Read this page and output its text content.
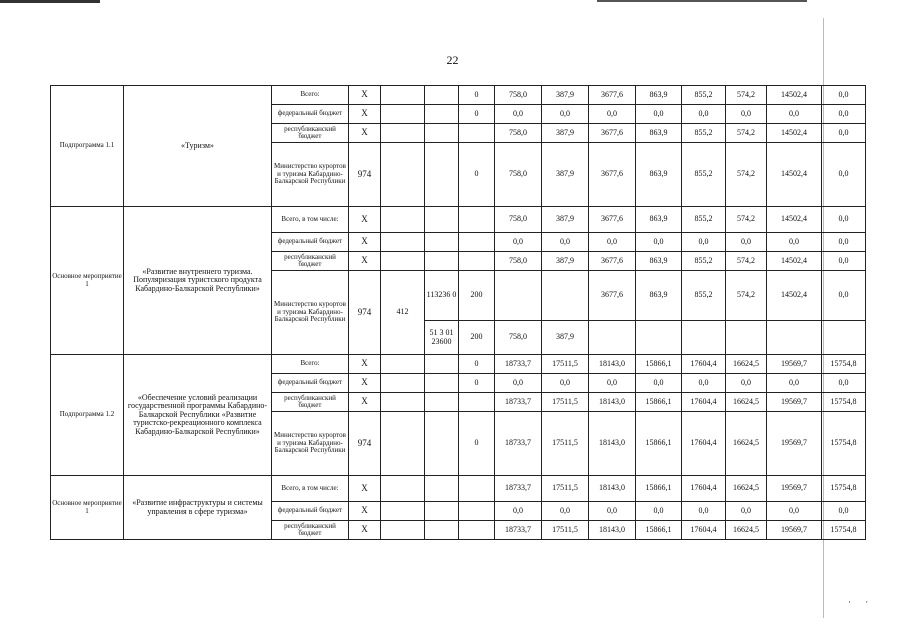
22
Подпрограмма 1.1	«Туризм»	Всего:	X			0	758,0	387,9	3677,6	863,9	855,2	574,2	14502,4	0,0
		федеральный бюджет	X			0	0,0	0,0	0,0	0,0	0,0	0,0	0,0	0,0
		республиканский бюджет	X				758,0	387,9	3677,6	863,9	855,2	574,2	14502,4	0,0
		Министерство курортов и туризма Кабардино-Балкарской Республики	974			0	758,0	387,9	3677,6	863,9	855,2	574,2	14502,4	0,0
Основное мероприятие 1	«Развитие внутреннего туризма. Популяризация туристского продукта Кабардино-Балкарской Республики»	Всего, в том числе:	X				758,0	387,9	3677,6	863,9	855,2	574,2	14502,4	0,0
		федеральный бюджет	X				0,0	0,0	0,0	0,0	0,0	0,0	0,0	0,0
		республиканский бюджет	X				758,0	387,9	3677,6	863,9	855,2	574,2	14502,4	0,0
		Министерство курортов и туризма Кабардино-Балкарской Республики	974	412	113236 0	200			3677,6	863,9	855,2	574,2	14502,4	0,0
					51 3 01 23600	200	758,0	387,9						
Подпрограмма 1.2	«Обеспечение условий реализации государственной программы Кабардино-Балкарской Республики «Развитие туристско-рекреационного комплекса Кабардино-Балкарской Республики»	Всего:	X			0	18733,7	17511,5	18143,0	15866,1	17604,4	16624,5	19569,7	15754,8
		федеральный бюджет	X			0	0,0	0,0	0,0	0,0	0,0	0,0	0,0	0,0
		республиканский бюджет	X				18733,7	17511,5	18143,0	15866,1	17604,4	16624,5	19569,7	15754,8
		Министерство курортов и туризма Кабардино-Балкарской Республики	974			0	18733,7	17511,5	18143,0	15866,1	17604,4	16624,5	19569,7	15754,8
Основное мероприятие 1	«Развитие инфраструктуры и системы управления в сфере туризма»	Всего, в том числе:	X				18733,7	17511,5	18143,0	15866,1	17604,4	16624,5	19569,7	15754,8
		федеральный бюджет	X				0,0	0,0	0,0	0,0	0,0	0,0	0,0	0,0
		республиканский бюджет	X				18733,7	17511,5	18143,0	15866,1	17604,4	16624,5	19569,7	15754,8
· ·
